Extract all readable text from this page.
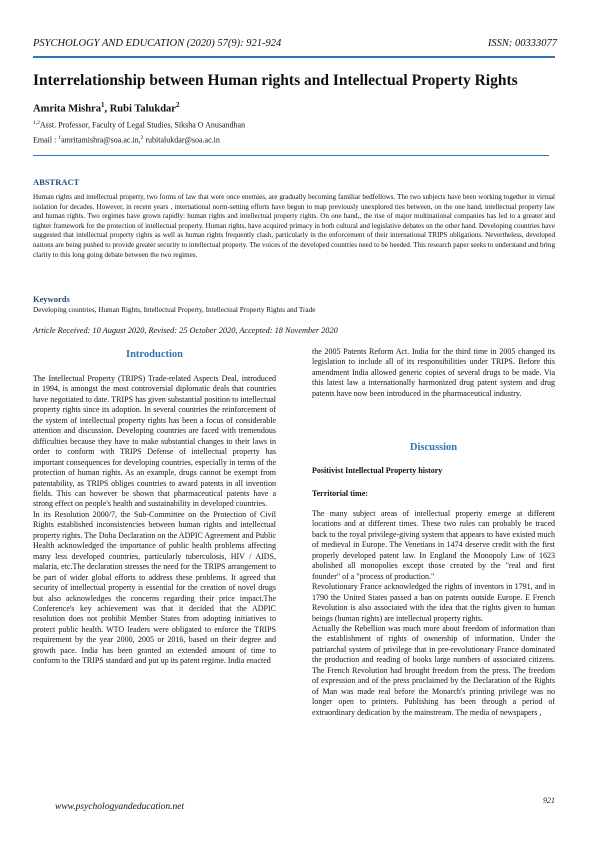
PSYCHOLOGY AND EDUCATION (2020) 57(9): 921-924	ISSN: 00333077
Interrelationship between Human rights and Intellectual Property Rights
Amrita Mishra$^1$, Rubi Talukdar$^2$
$^{1,2}$Asst. Professor, Faculty of Legal Studies, Siksha O Anusandhan
Email : $^1$amritamishra@soa.ac.in,$^2$ rubitalukdar@soa.ac.in
ABSTRACT
Human rights and intellectual property, two forms of law that were once enemies, are gradually becoming familiar bedfellows. The two subjects have been working together in virtual isolation for decades. However, in recent years , international norm-setting efforts have begun to map previously unexplored ties between, on the one hand, intellectual property law and human rights. Two regimes have grown rapidly: human rights and intellectual property rights. On one hand,, the rise of major multinational companies has led to a greater and tighter framework for the protection of intellectual property. Human rights, have acquired primacy in both cultural and legislative debates on the other hand. Developing countries have suggested that intellectual property rights as well as human rights frequently clash, particularly in the enforcement of their international TRIPS obligations. Nevertheless, developed nations are being pushed to provide greater security to intellectual property. The voices of the developed countries need to be heeded. This research paper seeks to understand and bring clarity to this long going debate between the two regimes.
Keywords
Developing countries, Human Rights, Intellectual Property, Intellectual Property Rights and Trade
Article Received: 10 August 2020, Revised: 25 October 2020, Accepted: 18 November 2020
Introduction

The Intellectual Property (TRIPS) Trade-related Aspects Deal, introduced in 1994, is amongst the most controversial diplomatic deals that countries have negotiated to date. TRIPS has given substantial position to intellectual property rights since its adoption. In several countries the reinforcement of the system of intellectual property rights has been a focus of considerable attention and discussion. Developing countries are faced with tremendous difficulties because they have to make substantial changes to their laws in order to conform with TRIPS Defense of intellectual property has important consequences for developing countries, especially in terms of the protection of human rights. As an example, drugs cannot be exempt from patentability, as TRIPS obliges countries to award patents in all invention fields. This can however be shown that pharmaceutical patents have a strong effect on people's health and sustainability in developed countries.

In its Resolution 2000/7, the Sub-Committee on the Protection of Civil Rights established inconsistencies between human rights and intellectual property rights. The Doha Declaration on the ADPIC Agreement and Public Health acknowledged the importance of public health problems affecting many less developed countries, particularly tuberculosis, HIV / AIDS, malaria, etc.The declaration stresses the need for the TRIPS arrangement to be part of wider global efforts to address these problems. It agreed that security of intellectual property is essential for the creation of novel drugs but also acknowledges the concerns regarding their price impact.The Conference's key achievement was that it decided that the ADPIC resolution does not prohibit Member States from adopting initiatives to protect public health. WTO leaders were obligated to enforce the TRIPS requirement by the year 2000, 2005 or 2016, based on their degree and growth pace. India has been granted an extended amount of time to conform to the TRIPS standard and put up its patent regime. India enacted

the 2005 Patents Reform Act. India for the third time in 2005 changed its legislation to include all of its responsibilities under TRIPS. Before this amendment India allowed generic copies of several drugs to be made. Via this latest law a internationally harmonized drug patent system and drug patents have now been introduced in the pharmaceutical industry.

Discussion
Positivist Intellectual Property history
Territorial time:

The many subject areas of intellectual property emerge at different locations and at different times. These two rules can probably be traced back to the royal privilege-giving system that appears to have existed much of medieval in Europe. The Venetians in 1474 deserve credit with the first properly developed patent law. In England the Monopoly Law of 1623 abolished all monopolies except those created by the "real and first founder" of a "process of production."

Revolutionary France acknowledged the rights of inventors in 1791, and in 1790 the United States passed a ban on patents outside Europe. E French Revolution is also associated with the idea that the rights given to human beings (human rights) are intellectual property rights.

Actually the Rebellion was much more about freedom of information than the establishment of rights of ownership of information. Under the patriarchal system of privilege that in pre-revolutionary France dominated the production and reading of books large numbers of associated citizens. The French Revolution had brought freedom from the press. The freedom of expression and of the press proclaimed by the Declaration of the Rights of Man was made real before the Monarch's printing privilege was no longer open to printers. Publishing has been through a period of extraordinary dedication by the mainstream. The media of newspapers ,

www.psychologyandeducation.net
921
